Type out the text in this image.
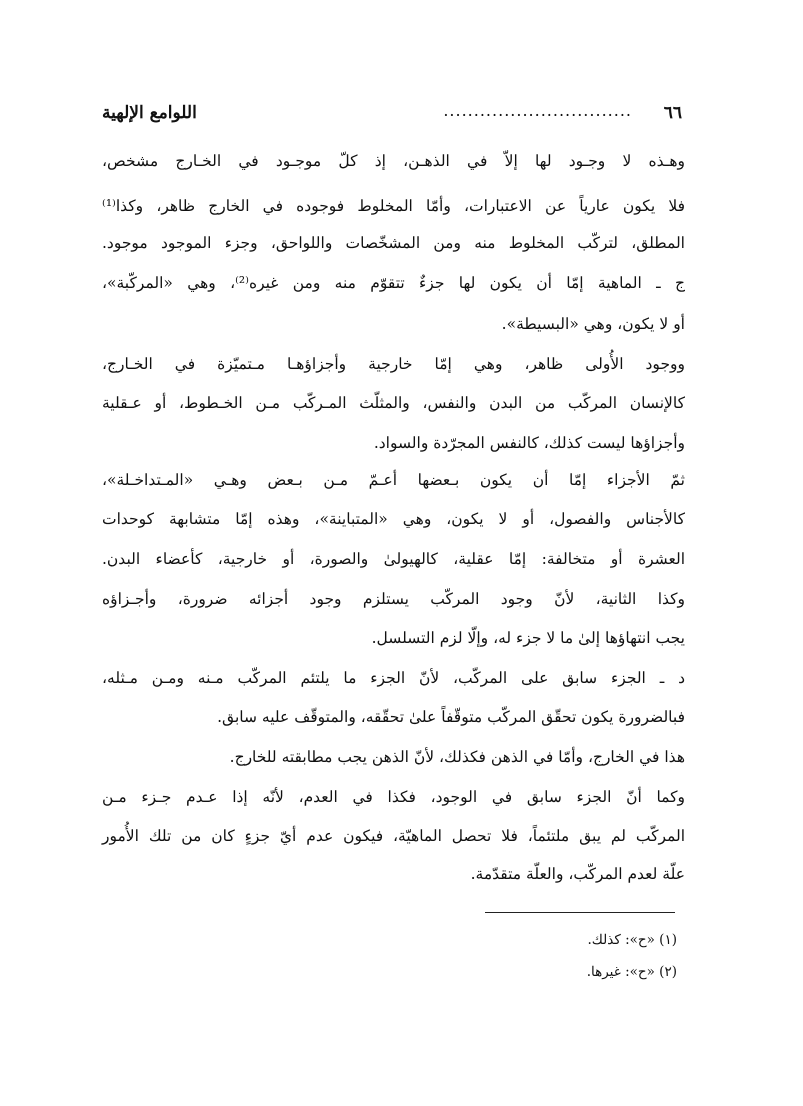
٦٦
...............................
اللوامع الإلهية
وهـذه لا وجـود لها إلاّ في الذهـن، إذ كلّ موجـود في الخـارج مشخص،
فلا يكون عارياً عن الاعتبارات، وأمّا المخلوط فوجوده في الخارج ظاهر، وكذا⁽¹⁾
المطلق، لتركّب المخلوط منه ومن المشخّصات واللواحق، وجزء الموجود موجود.
ج ـ الماهية إمّا أن يكون لها جزءٌ تتقوّم منه ومن غيره⁽²⁾، وهي «المركّبة»،
أو لا يكون، وهي «البسيطة».
ووجود الأُولى ظاهر، وهي إمّا خارجية وأجزاؤهـا مـتميّزة في الخـارج،
كالإنسان المركّب من البدن والنفس، والمثلّث المـركّب مـن الخـطوط، أو عـقلية
وأجزاؤها ليست كذلك، كالنفس المجرّدة والسواد.
ثمّ الأجزاء إمّا أن يكون بـعضها أعـمّ مـن بـعض وهـي «المـتداخـلة»،
كالأجناس والفصول، أو لا يكون، وهي «المتباينة»، وهذه إمّا متشابهة كوحدات
العشرة أو متخالفة: إمّا عقلية، كالهيولىٰ والصورة، أو خارجية، كأعضاء البدن.
وكذا الثانية، لأنّ وجود المركّب يستلزم وجود أجزائه ضرورة، وأجـزاؤه
يجب انتهاؤها إلىٰ ما لا جزء له، وإلّا لزم التسلسل.
د ـ الجزء سابق على المركّب، لأنّ الجزء ما يلتئم المركّب مـنه ومـن مـثله،
فبالضرورة يكون تحقّق المركّب متوقّفاً علىٰ تحقّقه، والمتوقّف عليه سابق.
هذا في الخارج، وأمّا في الذهن فكذلك، لأنّ الذهن يجب مطابقته للخارج.
وكما أنّ الجزء سابق في الوجود، فكذا في العدم، لأنّه إذا عـدم جـزء مـن
المركّب لم يبق ملتئماً، فلا تحصل الماهيّة، فيكون عدم أيّ جزءٍ كان من تلك الأُمور
علّة لعدم المركّب، والعلّة متقدّمة.
(١) «ح»: كذلك.
(٢) «ح»: غيرها.
